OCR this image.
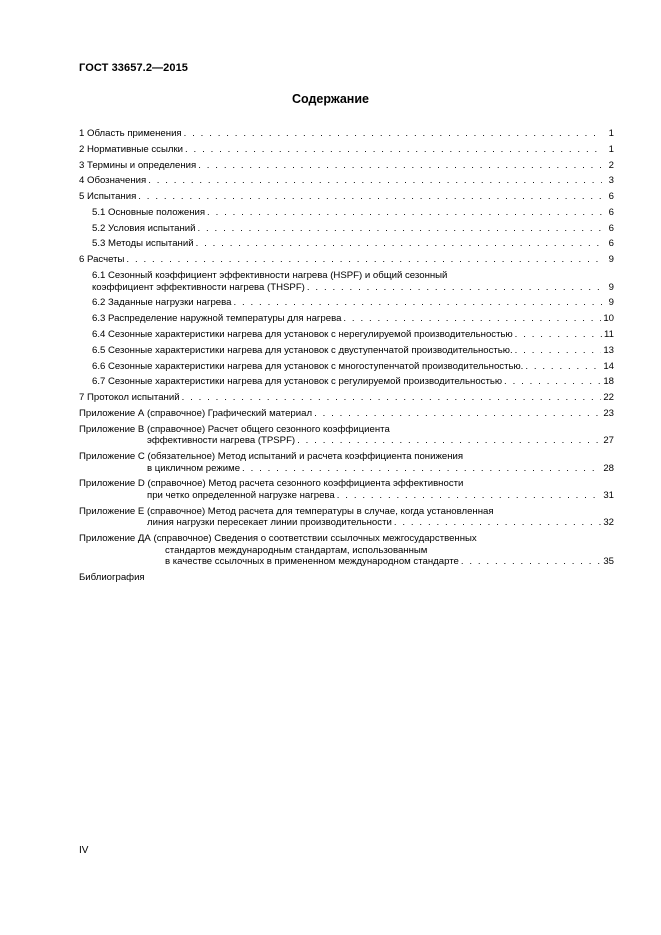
ГОСТ 33657.2—2015
Содержание
1 Область применения . . .	1
2 Нормативные ссылки . . .	1
3 Термины и определения . . .	2
4 Обозначения . . .	3
5 Испытания . . .	6
5.1 Основные положения . . .	6
5.2 Условия испытаний . . .	6
5.3 Методы испытаний . . .	6
6 Расчеты . . .	9
6.1 Сезонный коэффициент эффективности нагрева (HSPF) и общий сезонный
коэффициент эффективности нагрева (THSPF) . . .	9
6.2 Заданные нагрузки нагрева . . .	9
6.3 Распределение наружной температуры для нагрева . . .	10
6.4 Сезонные характеристики нагрева для установок с нерегулируемой производительностью . . .	11
6.5 Сезонные характеристики нагрева для установок с двуступенчатой производительностью. . . .	13
6.6 Сезонные характеристики нагрева для установок с многоступенчатой производительностью. . . .	14
6.7 Сезонные характеристики нагрева для установок с регулируемой производительностью . . .	18
7 Протокол испытаний . . .	22
Приложение А (справочное) Графический материал . . .	23
Приложение В (справочное) Расчет общего сезонного коэффициента
эффективности нагрева (TPSPF) . . .	27
Приложение С (обязательное) Метод испытаний и расчета коэффициента понижения
в цикличном режиме . . .	28
Приложение D (справочное) Метод расчета сезонного коэффициента эффективности
при четко определенной нагрузке нагрева . . .	31
Приложение Е (справочное) Метод расчета для температуры в случае, когда установленная
линия нагрузки пересекает линии производительности . . .	32
Приложение ДА (справочное) Сведения о соответствии ссылочных межгосударственных
стандартов международным стандартам, использованным
в качестве ссылочных в примененном международном стандарте . . .	35
Библиография
IV
